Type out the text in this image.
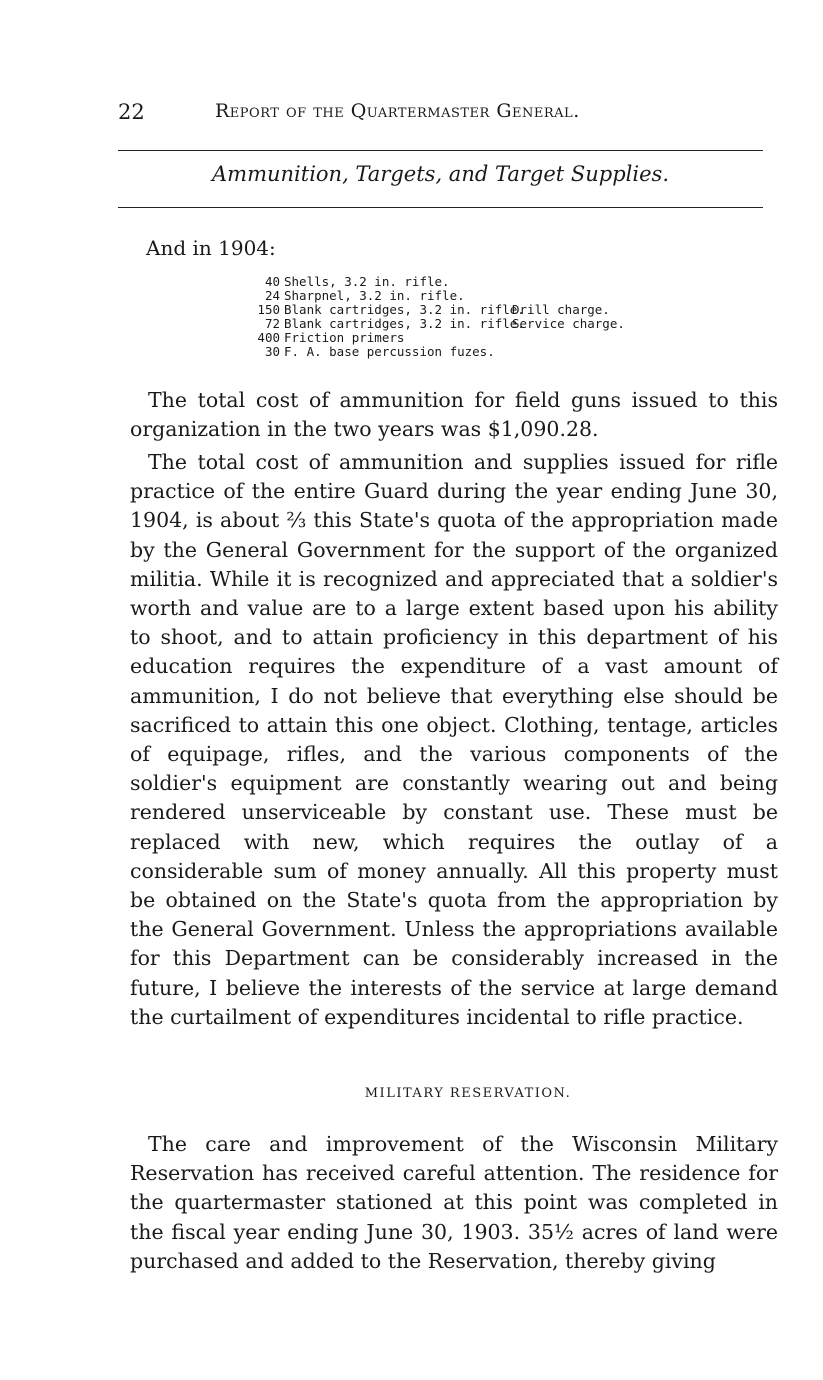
22	Report of the Quartermaster General.
Ammunition, Targets, and Target Supplies.
And in 1904:
40 Shells, 3.2 in. rifle.
24 Sharpnel, 3.2 in. rifle.
150 Blank cartridges, 3.2 in. rifle.
Drill charge.
72 Blank cartridges, 3.2 in. rifle.
Service charge.
400 Friction primers
30 F. A. base percussion fuzes.

The total cost of ammunition for field guns issued to this organization in the two years was $1,090.28.

The total cost of ammunition and supplies issued for rifle practice of the entire Guard during the year ending June 30, 1904, is about ⅔ this State's quota of the appropriation made by the General Government for the support of the organized militia. While it is recognized and appreciated that a soldier's worth and value are to a large extent based upon his ability to shoot, and to attain proficiency in this department of his education requires the expenditure of a vast amount of ammunition, I do not believe that everything else should be sacrificed to attain this one object. Clothing, tentage, articles of equipage, rifles, and the various components of the soldier's equipment are constantly wearing out and being rendered unserviceable by constant use. These must be replaced with new, which requires the outlay of a considerable sum of money annually. All this property must be obtained on the State's quota from the appropriation by the General Government. Unless the appropriations available for this Department can be considerably increased in the future, I believe the interests of the service at large demand the curtailment of expenditures incidental to rifle practice.

MILITARY RESERVATION.

The care and improvement of the Wisconsin Military Reservation has received careful attention. The residence for the quartermaster stationed at this point was completed in the fiscal year ending June 30, 1903. 35½ acres of land were purchased and added to the Reservation, thereby giving
